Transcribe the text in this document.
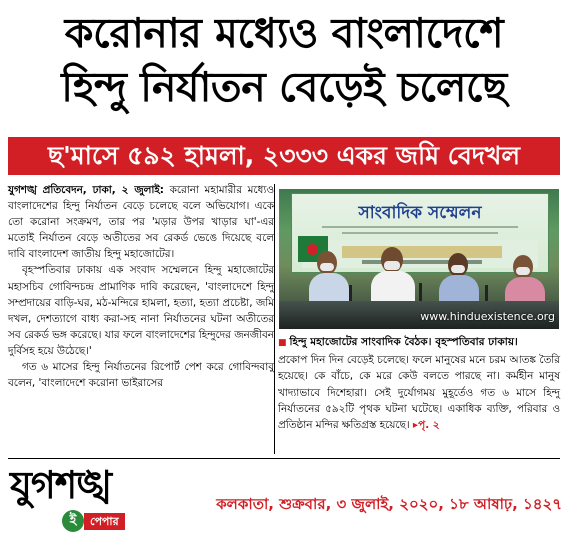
করোনার মধ্যেও বাংলাদেশে
হিন্দু নির্যাতন বেড়েই চলেছে
ছ'মাসে ৫৯২ হামলা, ২৩৩৩ একর জমি বেদখল

যুগশঙ্খ প্রতিবেদন, ঢাকা, ২ জুলাই: করোনা মহামারীর মধ্যেও বাংলাদেশের হিন্দু নির্যাতন বেড়ে চলেছে বলে অভিযোগ। একে তো করোনা সংক্রমণ, তার পর 'মড়ার উপর খাড়ার ঘা'-এর মতোই নির্যাতন বেড়ে অতীতের সব রেকর্ড ভেঙে দিয়েছে বলে দাবি বাংলাদেশ জাতীয় হিন্দু মহাজোটের।

বৃহস্পতিবার ঢাকায় এক সংবাদ সম্মেলনে হিন্দু মহাজোটের মহাসচিব গোবিন্দচন্দ্র প্রামাণিক দাবি করেছেন, 'বাংলাদেশে হিন্দু সম্প্রদায়ের বাড়ি-ঘর, মঠ-মন্দিরে হামলা, হত্যা, হত্যা প্রচেষ্টা, জমি দখল, দেশত্যাগে বাধ্য করা-সহ নানা নির্যাতনের ঘটনা অতীতের সব রেকর্ড ভঙ্গ করেছে। যার ফলে বাংলাদেশের হিন্দুদের জনজীবন দুর্বিসহ হয়ে উঠেছে।'

গত ৬ মাসের হিন্দু নির্যাতনের রিপোর্ট পেশ করে গোবিন্দবাবু বলেন, 'বাংলাদেশে করোনা ভাইরাসের

সাংবাদিক সম্মেলন
www.hinduexistence.org
■ হিন্দু মহাজোটের সাংবাদিক বৈঠক। বৃহস্পতিবার ঢাকায়।

প্রকোপ দিন দিন বেড়েই চলেছে। ফলে মানুষের মনে চরম আতঙ্ক তৈরি হয়েছে। কে বাঁচে, কে মরে কেউ বলতে পারছে না। কর্মহীন মানুষ খাদ্যাভাবে দিশেহারা। সেই দুর্যোগময় মুহূর্তেও গত ৬ মাসে হিন্দু নির্যাতনের ৫৯২টি পৃথক ঘটনা ঘটেছে। একাধিক ব্যক্তি, পরিবার ও প্রতিষ্ঠান মন্দির ক্ষতিগ্রস্ত হয়েছে। ▸পৃ. ২

যুগশঙ্খ
ই	পেপার
কলকাতা, শুক্রবার, ৩ জুলাই, ২০২০, ১৮ আষাঢ়, ১৪২৭
